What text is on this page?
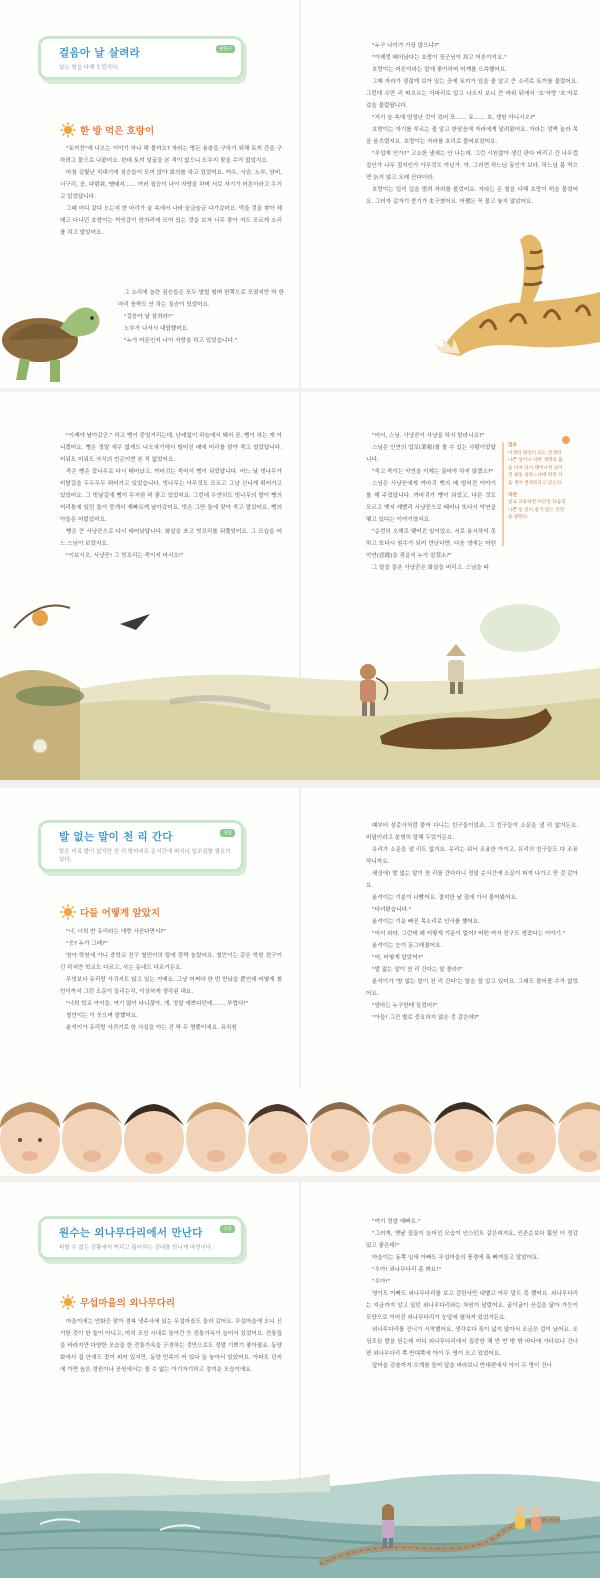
걸음아 날 살려라
있는 힘을 다해 도망치다.
관용구
한 방 먹은 호랑이

"토끼전"에 나오는 이야기 하나 해 볼까요? 자라는 병든 용왕을 구하기 위해 토끼 간을 구하려고 뭍으로 나왔어요. 한데 토끼 얼굴을 본 적이 없으니 도무지 찾을 수가 없었지요.

마침 김빛난 직대기에 짐승들이 모여 앉아 회의를 하고 있었어요. 여우, 사슴, 노루, 담비, 너구리, 곰, 다람쥐, 멧돼지…… 여러 짐승이 나이 자랑을 하며 서로 자기가 어른이라고 우기고 있었답니다.

그때 어디 갔다 오는지 한 마리가 숲 속에서 나와 슬금슬금 다가갔어요. 먹을 것을 찾아 헤매고 다니던 호랑이는 먹잇감이 한자리에 모여 있는 것을 보자 너무 좋아 저도 모르게 소리를 치고 말았어요.

그 소리에 놀란 짐승들은 모두 벌벌 떨며 한쪽으로 모였지만 딱 한 마리 꼼짝도 안 하는 짐승이 있었어요.

"걸음아 날 살려라!"

노루가 나서서 대답했어요.

"누가 어른인지 나이 자랑을 하고 있었습니다."

"누구 나이가 가장 많으냐?"

"이제껏 태어났다는 호랑이 장군님이 최고 어른이지요."

호랑이는 어른이라는 말에 좋아하며 어깨를 으쓱했어요.

그때 자라가 점잖게 보아 있는 곳에 토끼가 있을 줄 알고 큰 소리로 토끼를 불렀어요. 그런데 수만 리 떠오르는 이파리로 알고 나오지 보니 큰 바위 뒤에서 '호'자랑 '호'자로 갔을 불렀답니다.

"저기 숲 속에 엄청난 것이 있어 또…… 토…… 호, 생원 아니시오?"

호랑이는 자기를 부르는 줄 알고 한달음에 자라에게 달려왔어요. 자라는 깜짝 놀라 목을 움츠렸지요. 호랑이는 자라를 호리로 물어보았어요.

"무섭게 인가?" 고소한 냄새는 안 나는데. 그런 시원찮아 생긴 판다 버리고 간 나무껍질인가 나무 절지인가 아무것도 아닌가. 아, 그러면 하느님 동인가 보다. 하느님 몸 먹으면 늙지 않고 오래 산다더라.

호랑이는 덥석 입을 벌려 자라를 물었어요. 자라는 온 힘을 다해 호랑이 턱을 물었어요. 그러자 갑자기 쿵기가 솟구쳤어요. 어쨌든 꼭 물고 놓지 않았어요.

"이제야 날아갔군." 하고 뻥이 중얼거리는데, 난데없이 하늘에서 돼지 곰, 뻥이 하는 게 아니겠어요. 뻥은 정말 새우 없게도 나오자기에서 떨어진 배에 머리를 맞아 죽고 말았답니다. 미워도 미워도 자식의 빈곤이면 본 적 없었어요.

죽은 뻥은 꽃나무로 다시 태어났고, 까마귀는 죽어서 뻥이 되었답니다. 어느 날 빗나무가 비탈길을 두두두두 뛰어가고 있었습니다. 빗나무는 아무것도 모르고 그냥 신나게 뛰어가고 있었어요. 그 빗날길에 뻥이 무지한 팍 좋고 있었어요. 그런데 우연히도 빗나무의 발이 뻥의 머리통에 있던 돌이 뭉개서 재빠르게 날아갔어요. 빗은 그만 돌에 맞아 죽고 말았어요. 뻥의 아들은 어렸었어요.

뻥은 큰 사냥꾼으로 다시 태어났답니다. 화살을 쏘고 빗꼬리를 뒤쫓았어요. 그 모습을 어느 스님이 보았지요.

"이보시오, 사냥꾼! 그 빗꼬리는 죽이지 마시오!"

"어서, 스님. 사냥꾼이 사냥을 하지 말라니요?"

스님은 인연의 업보(業報)를 볼 수 있는 사람이었답니다.

"죽고 죽이는 악연을 이제는 끊어야 하지 않겠소?"

스님은 사냥꾼에게 까마귀 뱃지 배 떨어진 이야기를 해 주었답니다. 까마귀가 뻥이 되었고, 다른 것도 모르고 뱃지 재빨리 사냥꾼으로 태어나 또다시 악연을 맺고 있다는 이야기였지요.

"순전히 오해로 맺어진 일이었소. 서로 용서하지 못하고 또다시 원수가 되어 만난다면, 다음 생에는 어떤 악연(惡緣)을 겪을지 누가 알겠소?"

그 말을 들은 사냥꾼은 화살을 버리고, 스님을 따

업보
이생의 원인이 되는 전생의 나쁜 일이나 착한 생명의 불을 바쳐 다시 태어나게 되어 전 삶을 살았느냐에 따라 다음 생이 결정된다고 믿는다.
악연
실로 교류하면 이인연 다음의 나쁜 일 일이 좋지 않은 인연을 말한다.
발 없는 말이 천 리 간다
말은 비록 발이 없지만 천 리 밖까지도 순식간에 퍼지니 입조심할 필요가 있다.
속담
다들 어떻게 알았지

"너, 너희 반 유리라는 애랑 사귄다면서?"

"응? 누가 그래?"

영아 학원에 가니 중학교 친구 철민이의 말에 깜짝 놀랐어요. 철민이는 같은 학원 친구이긴 하지만 학교도 다르고, 사는 동네도 다르거든요.

무엇보다 유리랑 사귀지도 않고 있는 거예요. 그냥 어쩌다 한 번 만났을 뿐인데 어떻게 철민이까지 그런 소문이 들리는지, 이상하게 생각된 대요.

"너희 학교 아이들, 여기 많이 다니잖아. 개, 정말 예쁘다던데……. 부럽다!"

철민이는 이 웃으며 말했어요.

윤석이가 유리랑 사귀기로 한 사실을 아는 건 딱 두 명뿐이에요. 유치원

때부터 삼총사처럼 붙어 다니는 친구들이었죠. 그 친구들이 소문을 낼 리 없거든요. 비밀이라고 분명히 말해 두었거든요.

유리가 소문을 낼 리도 없지요. 유리는 워낙 조용한 아이고, 유리의 친구들도 다 조용하니까요.

세상에! 발 없는 말이 천 리를 간다더니 정말 순식간에 소문이 퍼져 나가고 만 것 같아요.

윤석이는 기분이 나빴어요. 결석한 날 집에 가서 물어봤어요.

"다녀왔습니다."

윤석이는 기운 빠진 목소리로 인사를 했어요.

"어서 와라, 그런데 왜 어떻게 기운이 없어? 어떤 여자 친구도 생겼다는 이야기."

윤석이는 눈이 동그래졌어요.

"어, 어떻게 알았어?"

"발 없는 말이 천 리 간다는 말 몰라?"

윤석이가 '발 없는 말이 천 리 간다'는 말을 잘 알고 있어요. 그래도 물어볼 수가 없었어요.

"엄마는 누구한테 들었어?"

"아들! 그건 별로 중요하지 않은 것 같은데?"

원수는 외나무다리에서 만난다
피할 수 없는 상황에서 꺼리고 싫어하는 상대를 만나게 마련이다.
속담
무섭마을의 외나무다리

마을이에는 연화등 맞아 경복 냉주사에 있는 무섭마을도 들러 갔어요. 무섭마을에 오니 신기한 것이 한 둘이 아니고, 마치 조선 시대로 돌아간 듯 전통가옥이 늘어서 있었어요. 전통집을 바라지만 다양한 모습을 한 전통가옥을 구경하는 것만으로도 정말 기쁘기 좋아졌죠. 동양화에서 집 안에도 꽃이 피어 있지만, 동양 민족이 어 있다 늘 놓아서 있었어요. 아파트 단지에 가면 높은 경원이나 공원에서는 볼 수 없는 아기자기하고 정겨운 모습이에요.

"여기 정말 예뻐요."

"그러게, 옛날 집들이 늘어선 모습이 인스턴트 같은데지요, 인존순보다 훨씬 더 정감 있고 좋은데!"

마을이는 동쪽 입에 아빠도 무섭마을의 풍경에 푹 빠져들고 말았어요.

"우아! 외나무다리 좀 봐요!"

"우아!"

영아도 아빠도 외나무다리를 보고 감탄사만 내뱉고 아무 말도 못 했어요. 외나무다리는 지금까지 알고 있던 외나무다리와는 차원이 달랐어요. 굽이굽이 산길을 닮아 가듯이 모양으로 이어진 외나무다리가 눈앞에 펼쳐져 있었거든요.

외나무다리를 건너기 시작했어요. 생각보다 폭이 넓지 않아서 조금은 겁이 났어요. 조심조심 발을 딛는데 어디 외나무다리에서 집중한 채 반 반 밖 밖 바다에 가다보니 건너편 외나무다리 쪽 반대쪽에 아이 두 명이 오고 있었어요.

앞마을 감솔까지 오게를 들어 앞을 바라보니 반대편에서 아이 두 명이 건너
